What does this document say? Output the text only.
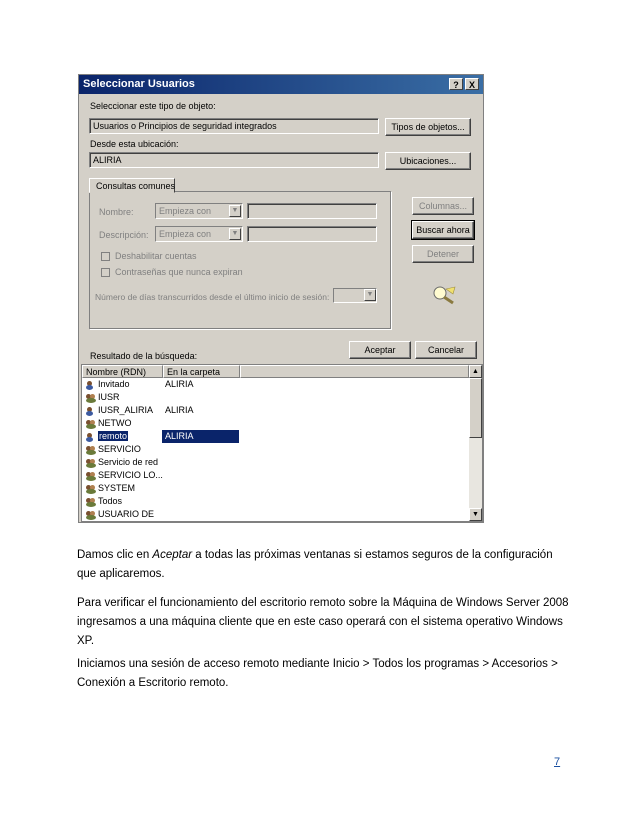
Seleccionar Usuarios	?	X
Seleccionar este tipo de objeto:
Usuarios o Principios de seguridad integrados	Tipos de objetos...
Desde esta ubicación:
ALIRIA	Ubicaciones...
Consultas comunes
Nombre:	Empieza con	▼
Descripción:	Empieza con	▼
Deshabilitar cuentas
Contraseñas que nunca expiran
Número de días transcurridos desde el último inicio de sesión:	▼
Columnas...
Buscar ahora
Detener
Aceptar	Cancelar
Resultado de la búsqueda:
Nombre (RDN)	En la carpeta
Invitado	ALIRIA
IUSR
IUSR_ALIRIA ALIRIA
NETWO
remoto	ALIRIA
SERVICIO
Servicio de red
SERVICIO LO...
SYSTEM
Todos
USUARIO DE
▲
▼
Damos clic en Aceptar a todas las próximas ventanas si estamos seguros de la configuración
que aplicaremos.
Para verificar el funcionamiento del escritorio remoto sobre la Máquina de Windows Server 2008
ingresamos a una máquina cliente que en este caso operará con el sistema operativo Windows
XP.
Iniciamos una sesión de acceso remoto mediante Inicio > Todos los programas > Accesorios >
Conexión a Escritorio remoto.
7
